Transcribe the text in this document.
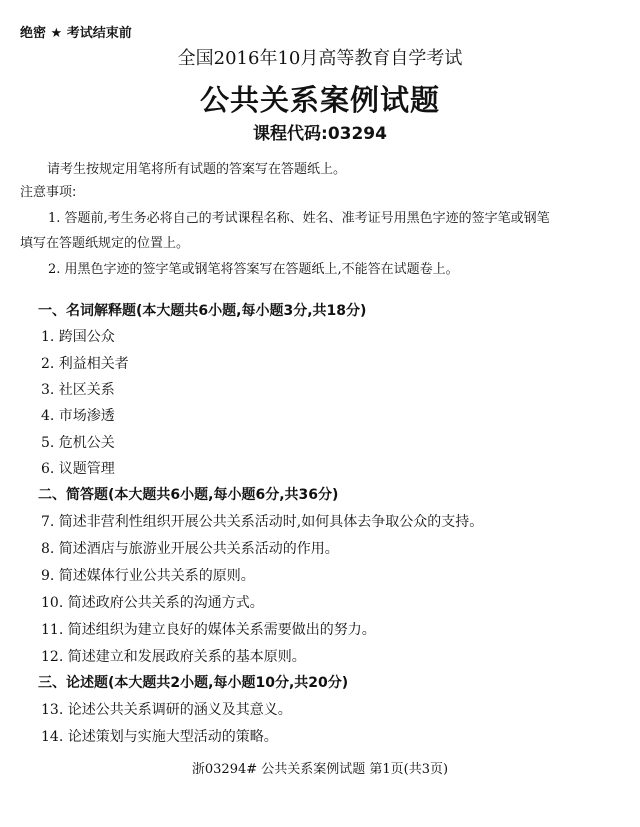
绝密 ★ 考试结束前
全国2016年10月高等教育自学考试
公共关系案例试题
课程代码:03294
请考生按规定用笔将所有试题的答案写在答题纸上。
注意事项:
1. 答题前,考生务必将自己的考试课程名称、姓名、准考证号用黑色字迹的签字笔或钢笔
填写在答题纸规定的位置上。
2. 用黑色字迹的签字笔或钢笔将答案写在答题纸上,不能答在试题卷上。
一、名词解释题(本大题共6小题,每小题3分,共18分)
1. 跨国公众
2. 利益相关者
3. 社区关系
4. 市场渗透
5. 危机公关
6. 议题管理
二、简答题(本大题共6小题,每小题6分,共36分)
7. 简述非营利性组织开展公共关系活动时,如何具体去争取公众的支持。
8. 简述酒店与旅游业开展公共关系活动的作用。
9. 简述媒体行业公共关系的原则。
10. 简述政府公共关系的沟通方式。
11. 简述组织为建立良好的媒体关系需要做出的努力。
12. 简述建立和发展政府关系的基本原则。
三、论述题(本大题共2小题,每小题10分,共20分)
13. 论述公共关系调研的涵义及其意义。
14. 论述策划与实施大型活动的策略。
浙03294# 公共关系案例试题 第1页(共3页)
